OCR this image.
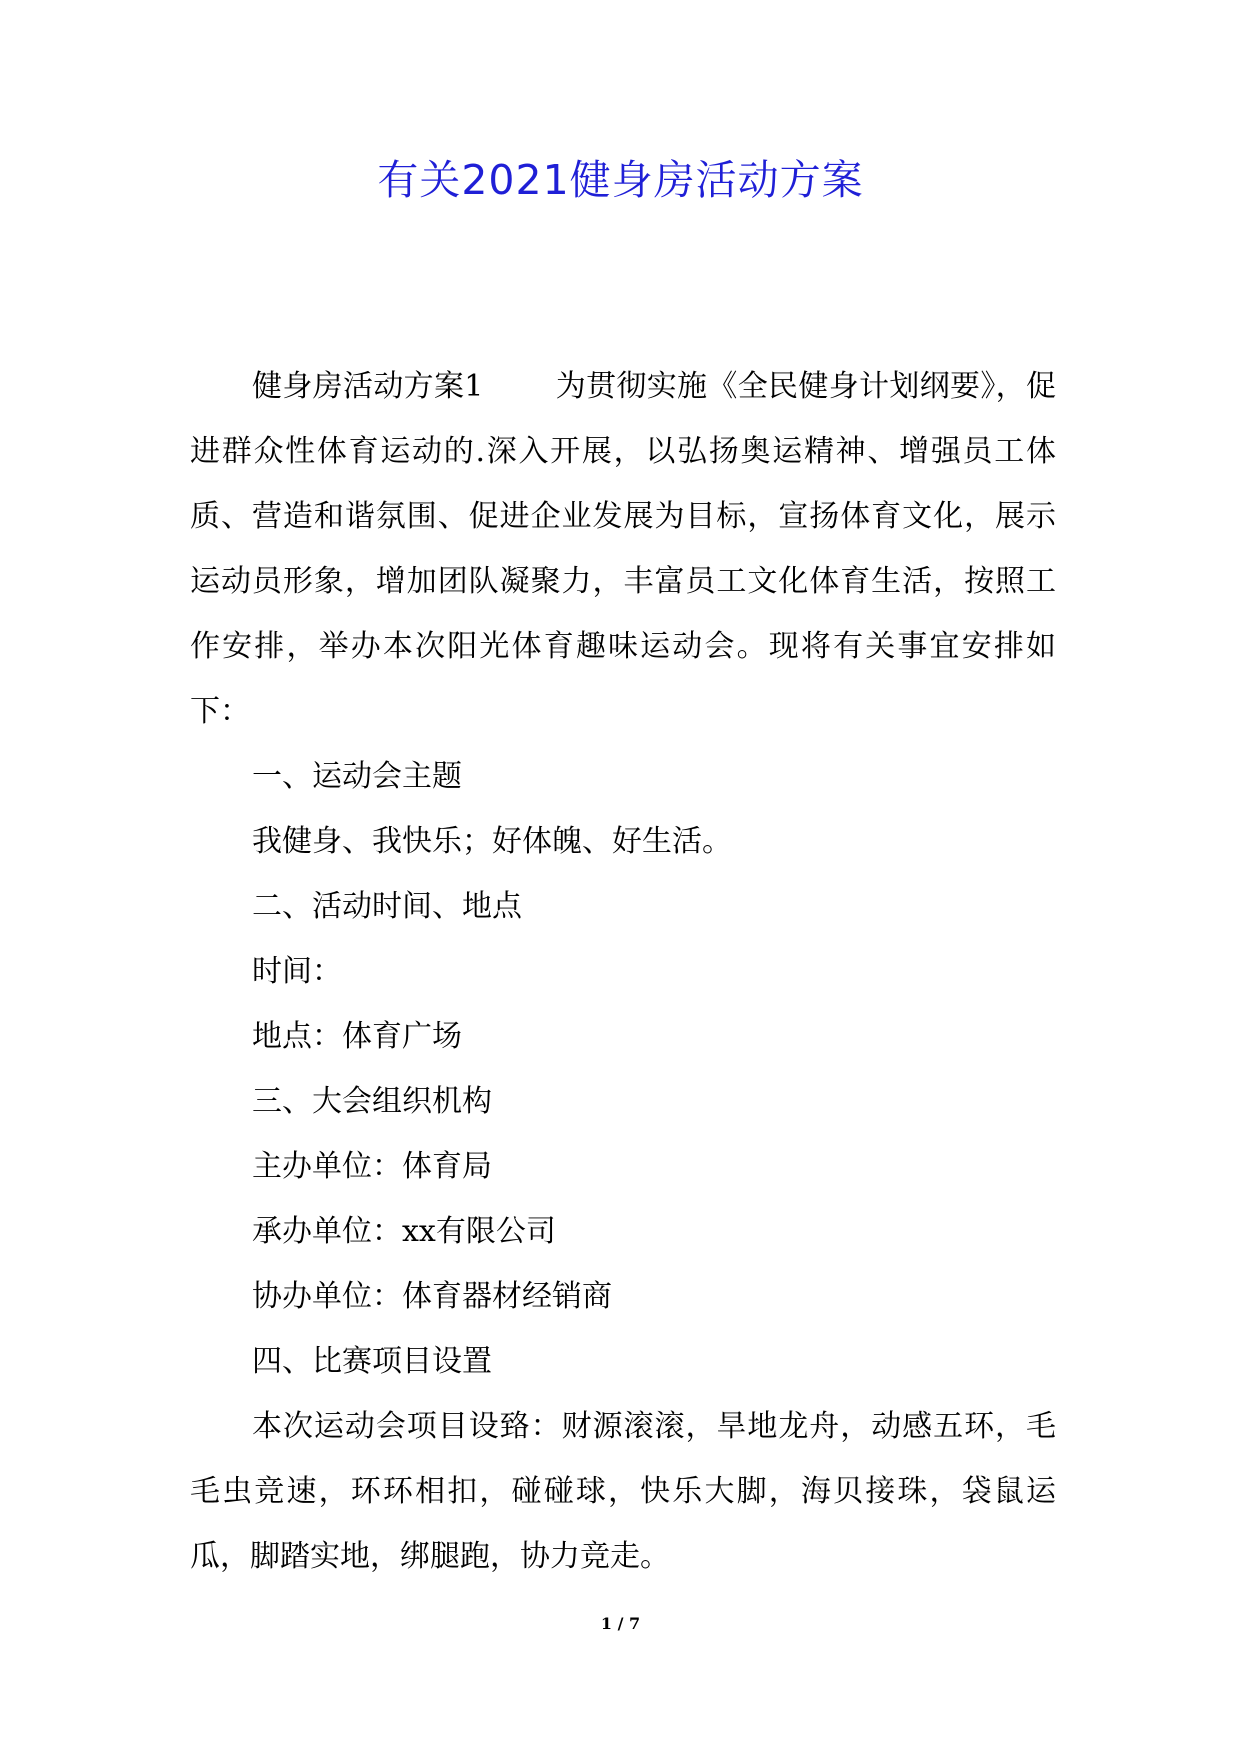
有关2021健身房活动方案

健身房活动方案1 为贯彻实施《全民健身计划纲要》，促进群众性体育运动的.深入开展，以弘扬奥运精神、增强员工体质、营造和谐氛围、促进企业发展为目标，宣扬体育文化，展示运动员形象，增加团队凝聚力，丰富员工文化体育生活，按照工作安排，举办本次阳光体育趣味运动会。现将有关事宜安排如下：

一、运动会主题

我健身、我快乐；好体魄、好生活。

二、活动时间、地点

时间：

地点：体育广场

三、大会组织机构

主办单位：体育局

承办单位：xx有限公司

协办单位：体育器材经销商

四、比赛项目设置

本次运动会项目设臵：财源滚滚，旱地龙舟，动感五环，毛毛虫竞速，环环相扣，碰碰球，快乐大脚，海贝接珠，袋鼠运瓜，脚踏实地，绑腿跑，协力竞走。

1 / 7
